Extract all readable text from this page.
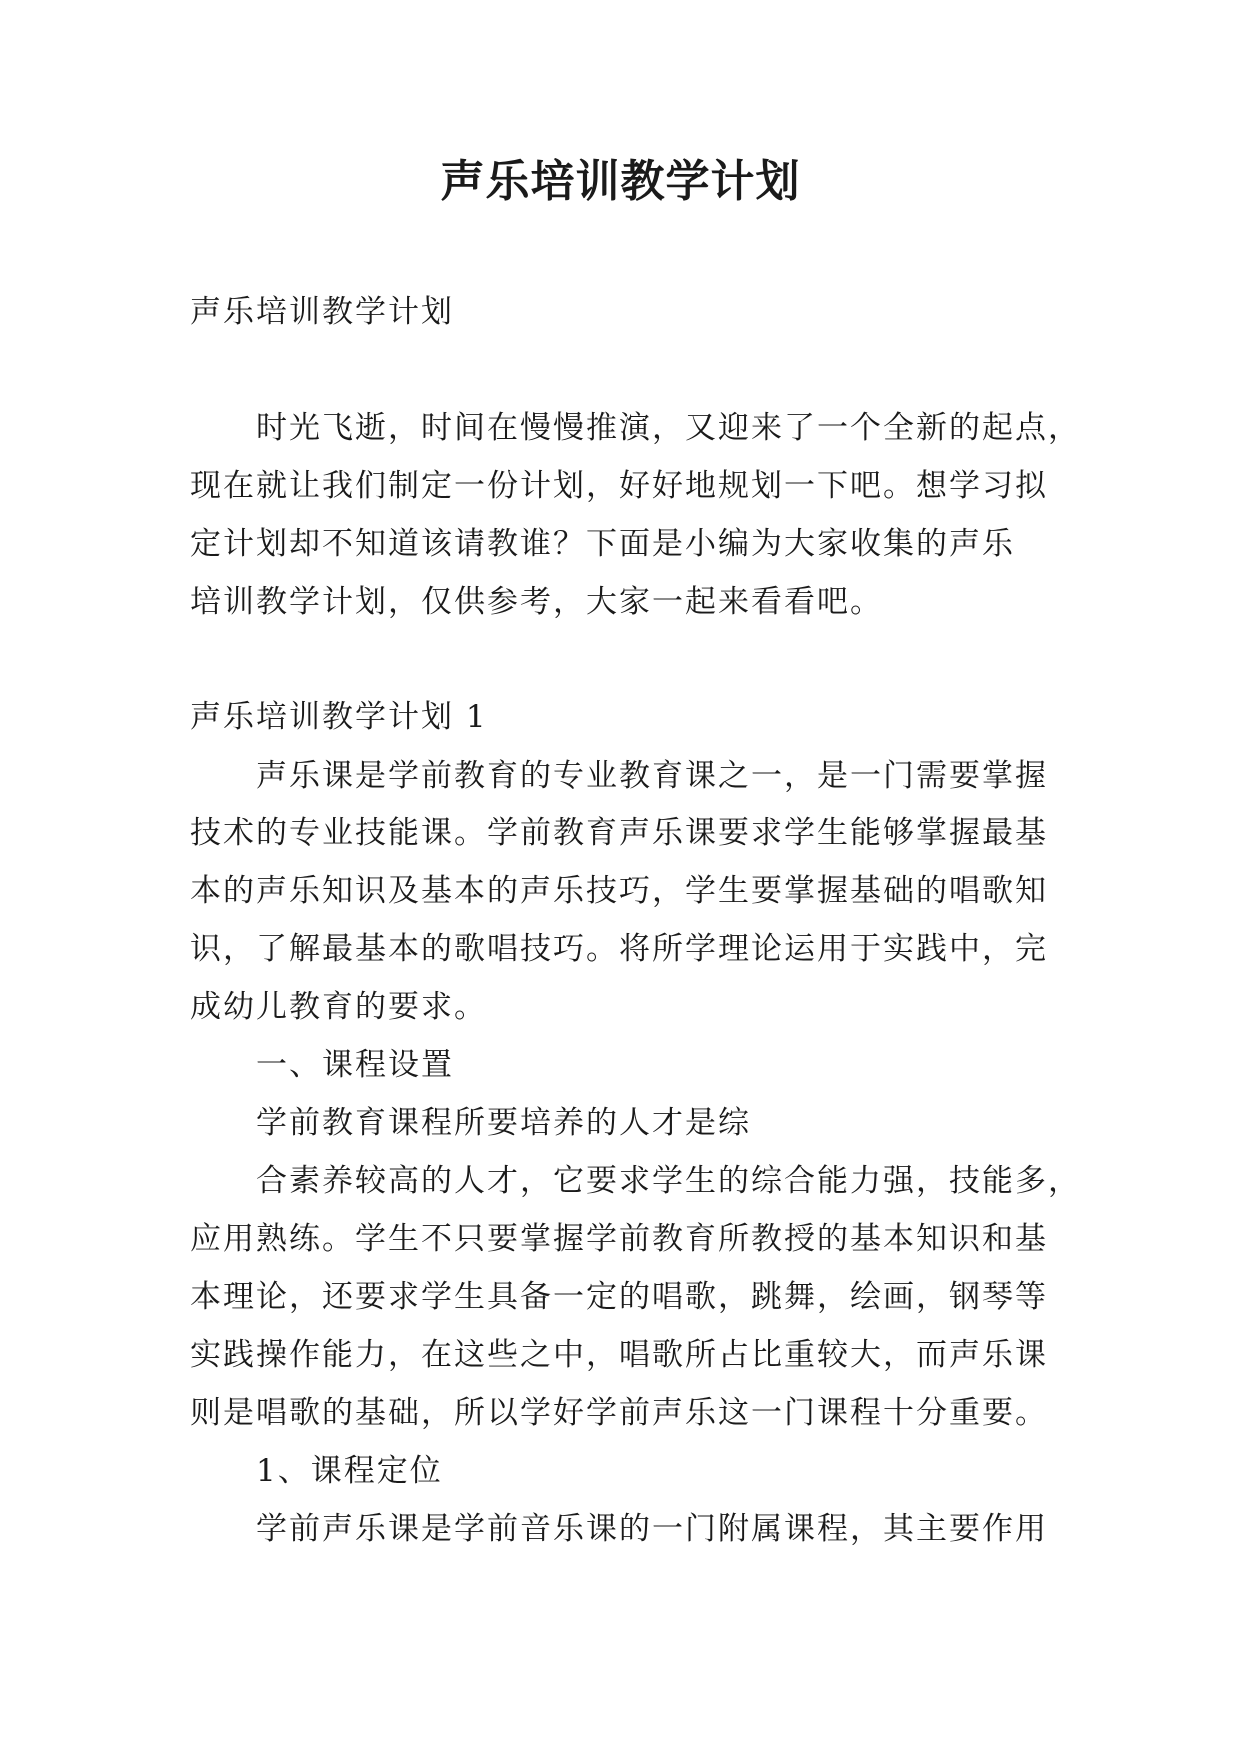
声乐培训教学计划

声乐培训教学计划

时光飞逝，时间在慢慢推演，又迎来了一个全新的起点，

现在就让我们制定一份计划，好好地规划一下吧。想学习拟

定计划却不知道该请教谁？下面是小编为大家收集的声乐

培训教学计划，仅供参考，大家一起来看看吧。

声乐培训教学计划 1

声乐课是学前教育的专业教育课之一，是一门需要掌握

技术的专业技能课。学前教育声乐课要求学生能够掌握最基

本的声乐知识及基本的声乐技巧，学生要掌握基础的唱歌知

识，了解最基本的歌唱技巧。将所学理论运用于实践中，完

成幼儿教育的要求。

一、课程设置

学前教育课程所要培养的人才是综

合素养较高的人才，它要求学生的综合能力强，技能多，

应用熟练。学生不只要掌握学前教育所教授的基本知识和基

本理论，还要求学生具备一定的唱歌，跳舞，绘画，钢琴等

实践操作能力，在这些之中，唱歌所占比重较大，而声乐课

则是唱歌的基础，所以学好学前声乐这一门课程十分重要。

1、课程定位

学前声乐课是学前音乐课的一门附属课程，其主要作用
